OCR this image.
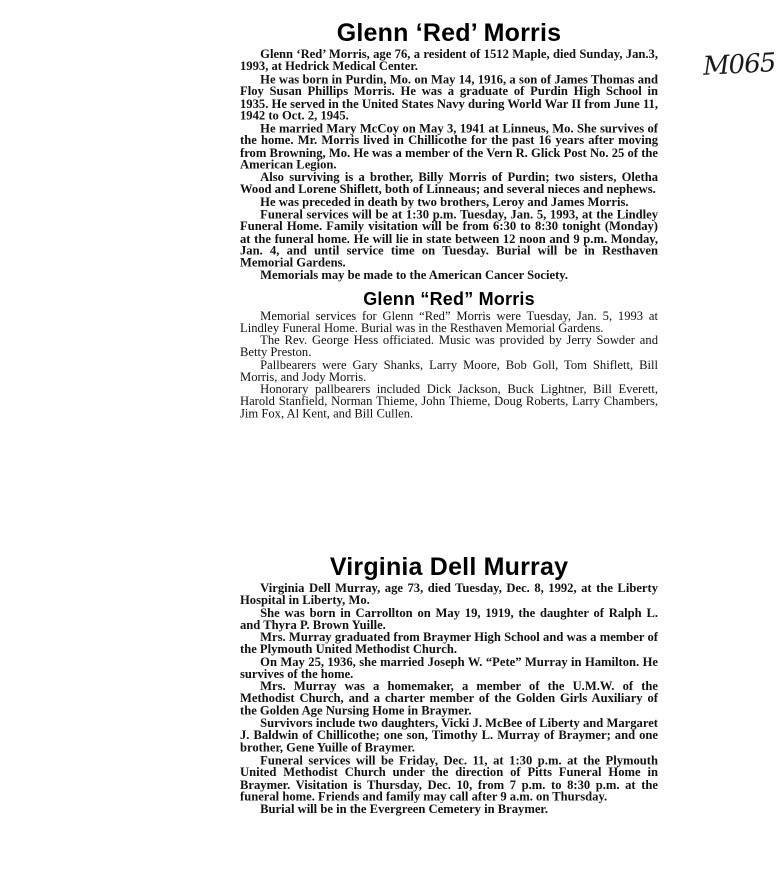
M065
Glenn ‘Red’ Morris

Glenn ‘Red’ Morris, age 76, a resident of 1512 Maple, died Sunday, Jan.3, 1993, at Hedrick Medical Center.

He was born in Purdin, Mo. on May 14, 1916, a son of James Thomas and Floy Susan Phillips Morris. He was a graduate of Purdin High School in 1935. He served in the United States Navy during World War II from June 11, 1942 to Oct. 2, 1945.

He married Mary McCoy on May 3, 1941 at Linneus, Mo. She survives of the home. Mr. Morris lived in Chillicothe for the past 16 years after moving from Browning, Mo. He was a member of the Vern R. Glick Post No. 25 of the American Legion.

Also surviving is a brother, Billy Morris of Purdin; two sisters, Oletha Wood and Lorene Shiflett, both of Linneaus; and several nieces and nephews.

He was preceded in death by two brothers, Leroy and James Morris.

Funeral services will be at 1:30 p.m. Tuesday, Jan. 5, 1993, at the Lindley Funeral Home. Family visitation will be from 6:30 to 8:30 tonight (Monday) at the funeral home. He will lie in state between 12 noon and 9 p.m. Monday, Jan. 4, and until service time on Tuesday. Burial will be in Resthaven Memorial Gardens.

Memorials may be made to the American Cancer Society.

Glenn “Red” Morris

Memorial services for Glenn “Red” Morris were Tuesday, Jan. 5, 1993 at Lindley Funeral Home. Burial was in the Resthaven Memorial Gardens.

The Rev. George Hess officiated. Music was provided by Jerry Sowder and Betty Preston.

Pallbearers were Gary Shanks, Larry Moore, Bob Goll, Tom Shiflett, Bill Morris, and Jody Morris.

Honorary pallbearers included Dick Jackson, Buck Lightner, Bill Everett, Harold Stanfield, Norman Thieme, John Thieme, Doug Roberts, Larry Chambers, Jim Fox, Al Kent, and Bill Cullen.

Virginia Dell Murray

Virginia Dell Murray, age 73, died Tuesday, Dec. 8, 1992, at the Liberty Hospital in Liberty, Mo.

She was born in Carrollton on May 19, 1919, the daughter of Ralph L. and Thyra P. Brown Yuille.

Mrs. Murray graduated from Braymer High School and was a member of the Plymouth United Methodist Church.

On May 25, 1936, she married Joseph W. “Pete” Murray in Hamilton. He survives of the home.

Mrs. Murray was a homemaker, a member of the U.M.W. of the Methodist Church, and a charter member of the Golden Girls Auxiliary of the Golden Age Nursing Home in Braymer.

Survivors include two daughters, Vicki J. McBee of Liberty and Margaret J. Baldwin of Chillicothe; one son, Timothy L. Murray of Braymer; and one brother, Gene Yuille of Braymer.

Funeral services will be Friday, Dec. 11, at 1:30 p.m. at the Plymouth United Methodist Church under the direction of Pitts Funeral Home in Braymer. Visitation is Thursday, Dec. 10, from 7 p.m. to 8:30 p.m. at the funeral home. Friends and family may call after 9 a.m. on Thursday.

Burial will be in the Evergreen Cemetery in Braymer.
